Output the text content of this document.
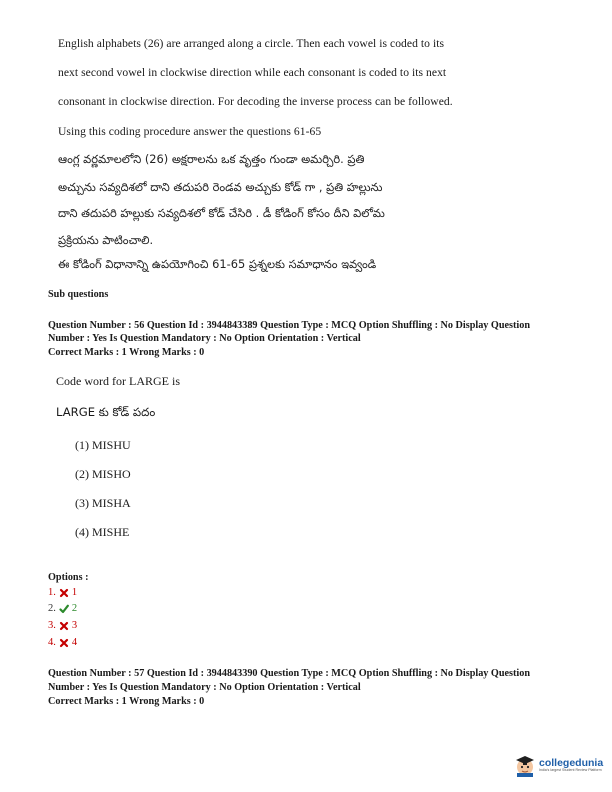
English alphabets (26) are arranged along a circle. Then each vowel is coded to its
next second vowel in clockwise direction while each consonant is coded to its next
consonant in clockwise direction. For decoding the inverse process can be followed.
Using this coding procedure answer the questions 61-65
ఆంగ్ల వర్ణమాలలోని (26) అక్షరాలను ఒక వృత్తం గుండా అమర్చిరి. ప్రతి
అచ్చును సవ్యదిశలో దాని తదుపరి రెండవ అచ్చుకు కోడ్ గా , ప్రతి హల్లును
దాని తదుపరి హల్లుకు సవ్యదిశలో కోడ్ చేసిరి . డీ కోడింగ్ కోసం దీని విలోమ
ప్రక్రియను పాటించాలి.
ఈ కోడింగ్ విధానాన్ని ఉపయోగించి 61-65 ప్రశ్నలకు సమాధానం ఇవ్వండి
Sub questions
Question Number : 56 Question Id : 3944843389 Question Type : MCQ Option Shuffling : No Display Question
Number : Yes Is Question Mandatory : No Option Orientation : Vertical
Correct Marks : 1 Wrong Marks : 0
Code word for LARGE is
LARGE కు కోడ్ పదం
(1) MISHU
(2) MISHO
(3) MISHA
(4) MISHE
Options :
1. 1
2. 2
3. 3
4. 4
Question Number : 57 Question Id : 3944843390 Question Type : MCQ Option Shuffling : No Display Question
Number : Yes Is Question Mandatory : No Option Orientation : Vertical
Correct Marks : 1 Wrong Marks : 0
collegedunia
India's largest Student Review Platform
